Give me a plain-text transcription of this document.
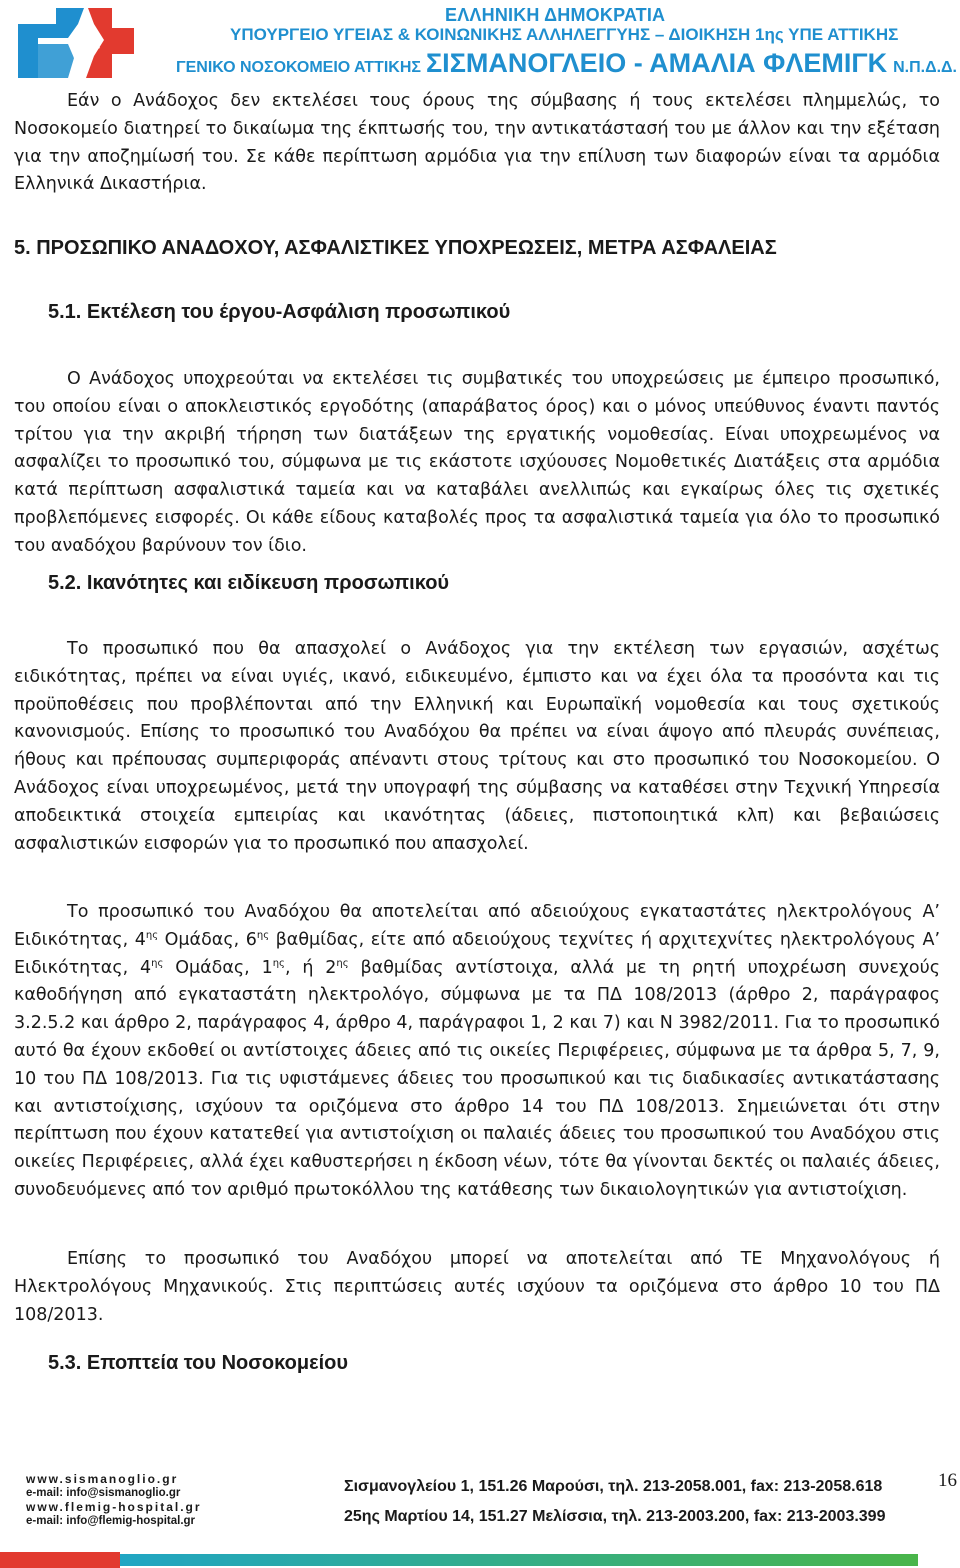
ΕΛΛΗΝΙΚΗ ΔΗΜΟΚΡΑΤΙΑ
ΥΠΟΥΡΓΕΙΟ ΥΓΕΙΑΣ & ΚΟΙΝΩΝΙΚΗΣ ΑΛΛΗΛΕΓΓΥΗΣ – ΔΙΟΙΚΗΣΗ 1ης ΥΠΕ ΑΤΤΙΚΗΣ
ΓΕΝΙΚΟ ΝΟΣΟΚΟΜΕΙΟ ΑΤΤΙΚΗΣ ΣΙΣΜΑΝΟΓΛΕΙΟ - ΑΜΑΛΙΑ ΦΛΕΜΙΓΚ Ν.Π.Δ.Δ.

Εάν ο Ανάδοχος δεν εκτελέσει τους όρους της σύμβασης ή τους εκτελέσει πλημμελώς, το Νοσοκομείο διατηρεί το δικαίωμα της έκπτωσής του, την αντικατάστασή του με άλλον και την εξέταση για την αποζημίωσή του. Σε κάθε περίπτωση αρμόδια για την επίλυση των διαφορών είναι τα αρμόδια Ελληνικά Δικαστήρια.

5. ΠΡΟΣΩΠΙΚΟ ΑΝΑΔΟΧΟΥ, ΑΣΦΑΛΙΣΤΙΚΕΣ ΥΠΟΧΡΕΩΣΕΙΣ, ΜΕΤΡΑ ΑΣΦΑΛΕΙΑΣ
5.1. Εκτέλεση του έργου-Ασφάλιση προσωπικού

Ο Ανάδοχος υποχρεούται να εκτελέσει τις συμβατικές του υποχρεώσεις με έμπειρο προσωπικό, του οποίου είναι ο αποκλειστικός εργοδότης (απαράβατος όρος) και ο μόνος υπεύθυνος έναντι παντός τρίτου για την ακριβή τήρηση των διατάξεων της εργατικής νομοθεσίας. Είναι υποχρεωμένος να ασφαλίζει το προσωπικό του, σύμφωνα με τις εκάστοτε ισχύουσες Νομοθετικές Διατάξεις στα αρμόδια κατά περίπτωση ασφαλιστικά ταμεία και να καταβάλει ανελλιπώς και εγκαίρως όλες τις σχετικές προβλεπόμενες εισφορές. Οι κάθε είδους καταβολές προς τα ασφαλιστικά ταμεία για όλο το προσωπικό του αναδόχου βαρύνουν τον ίδιο.

5.2. Ικανότητες και ειδίκευση προσωπικού

Το προσωπικό που θα απασχολεί ο Ανάδοχος για την εκτέλεση των εργασιών, ασχέτως ειδικότητας, πρέπει να είναι υγιές, ικανό, ειδικευμένο, έμπιστο και να έχει όλα τα προσόντα και τις προϋποθέσεις που προβλέπονται από την Ελληνική και Ευρωπαϊκή νομοθεσία και τους σχετικούς κανονισμούς. Επίσης το προσωπικό του Αναδόχου θα πρέπει να είναι άψογο από πλευράς συνέπειας, ήθους και πρέπουσας συμπεριφοράς απέναντι στους τρίτους και στο προσωπικό του Νοσοκομείου. Ο Ανάδοχος είναι υποχρεωμένος, μετά την υπογραφή της σύμβασης να καταθέσει στην Τεχνική Υπηρεσία αποδεικτικά στοιχεία εμπειρίας και ικανότητας (άδειες, πιστοποιητικά κλπ) και βεβαιώσεις ασφαλιστικών εισφορών για το προσωπικό που απασχολεί.

Το προσωπικό του Αναδόχου θα αποτελείται από αδειούχους εγκαταστάτες ηλεκτρολόγους Α’ Ειδικότητας, $4^{\eta\varsigma}$ Ομάδας, $6^{\eta\varsigma}$ βαθμίδας, είτε από αδειούχους τεχνίτες ή αρχιτεχνίτες ηλεκτρολόγους Α’ Ειδικότητας, $4^{\eta\varsigma}$ Ομάδας, $1^{\eta\varsigma}$, ή $2^{\eta\varsigma}$ βαθμίδας αντίστοιχα, αλλά με τη ρητή υποχρέωση συνεχούς καθοδήγηση από εγκαταστάτη ηλεκτρολόγο, σύμφωνα με τα ΠΔ 108/2013 (άρθρο 2, παράγραφος 3.2.5.2 και άρθρο 2, παράγραφος 4, άρθρο 4, παράγραφοι 1, 2 και 7) και Ν 3982/2011. Για το προσωπικό αυτό θα έχουν εκδοθεί οι αντίστοιχες άδειες από τις οικείες Περιφέρειες, σύμφωνα με τα άρθρα 5, 7, 9, 10 του ΠΔ 108/2013. Για τις υφιστάμενες άδειες του προσωπικού και τις διαδικασίες αντικατάστασης και αντιστοίχισης, ισχύουν τα οριζόμενα στο άρθρο 14 του ΠΔ 108/2013. Σημειώνεται ότι στην περίπτωση που έχουν κατατεθεί για αντιστοίχιση οι παλαιές άδειες του προσωπικού του Αναδόχου στις οικείες Περιφέρειες, αλλά έχει καθυστερήσει η έκδοση νέων, τότε θα γίνονται δεκτές οι παλαιές άδειες, συνοδευόμενες από τον αριθμό πρωτοκόλλου της κατάθεσης των δικαιολογητικών για αντιστοίχιση.

Επίσης το προσωπικό του Αναδόχου μπορεί να αποτελείται από ΤΕ Μηχανολόγους ή Ηλεκτρολόγους Μηχανικούς. Στις περιπτώσεις αυτές ισχύουν τα οριζόμενα στο άρθρο 10 του ΠΔ 108/2013.

5.3. Εποπτεία του Νοσοκομείου
www.sismanoglio.gr
e-mail: info@sismanoglio.gr
www.flemig-hospital.gr
e-mail: info@flemig-hospital.gr
Σισμανογλείου 1, 151.26 Μαρούσι, τηλ. 213-2058.001, fax: 213-2058.618
25ης Μαρτίου 14, 151.27 Μελίσσια, τηλ. 213-2003.200, fax: 213-2003.399
16
